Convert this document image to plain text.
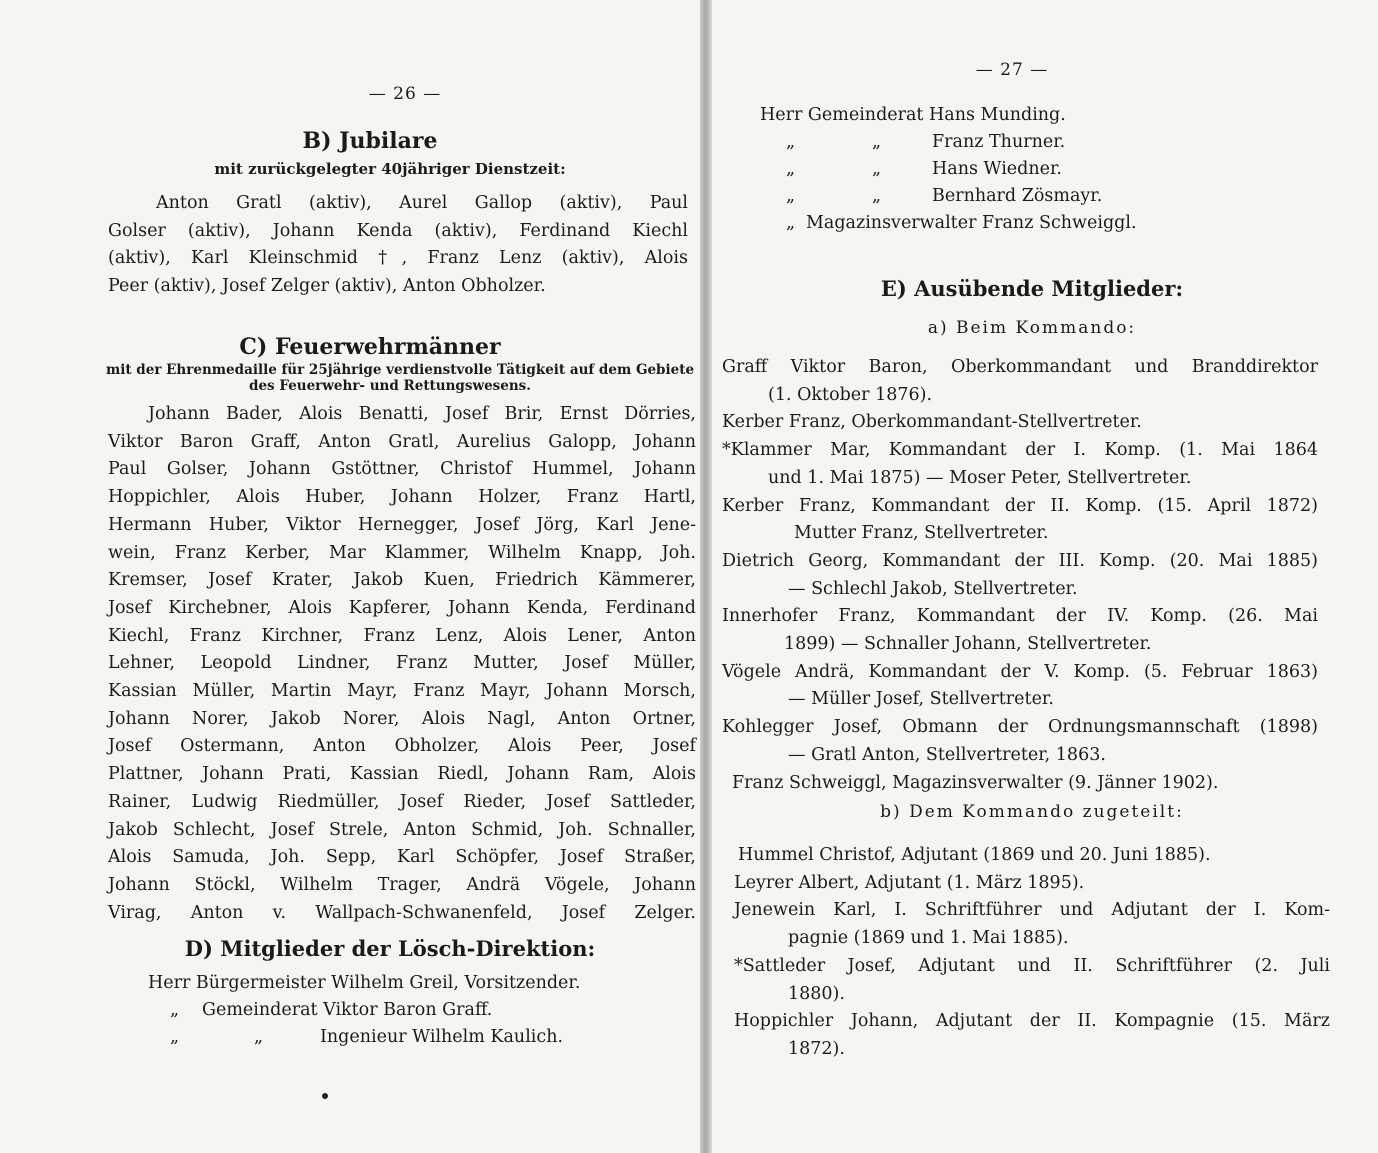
— 26 —
B) Jubilare
mit zurückgelegter 40jähriger Dienstzeit:
Anton Gratl (aktiv), Aurel Gallop (aktiv), Paul
Golser (aktiv), Johann Kenda (aktiv), Ferdinand Kiechl
(aktiv), Karl Kleinschmid †, Franz Lenz (aktiv), Alois
Peer (aktiv), Josef Zelger (aktiv), Anton Obholzer.
C) Feuerwehrmänner
mit der Ehrenmedaille für 25jährige verdienstvolle Tätigkeit auf dem Gebiete
des Feuerwehr- und Rettungswesens.
Johann Bader, Alois Benatti, Josef Brir, Ernst Dörries,
Viktor Baron Graff, Anton Gratl, Aurelius Galopp, Johann
Paul Golser, Johann Gstöttner, Christof Hummel, Johann
Hoppichler, Alois Huber, Johann Holzer, Franz Hartl,
Hermann Huber, Viktor Hernegger, Josef Jörg, Karl Jene-
wein, Franz Kerber, Mar Klammer, Wilhelm Knapp, Joh.
Kremser, Josef Krater, Jakob Kuen, Friedrich Kämmerer,
Josef Kirchebner, Alois Kapferer, Johann Kenda, Ferdinand
Kiechl, Franz Kirchner, Franz Lenz, Alois Lener, Anton
Lehner, Leopold Lindner, Franz Mutter, Josef Müller,
Kassian Müller, Martin Mayr, Franz Mayr, Johann Morsch,
Johann Norer, Jakob Norer, Alois Nagl, Anton Ortner,
Josef Ostermann, Anton Obholzer, Alois Peer, Josef
Plattner, Johann Prati, Kassian Riedl, Johann Ram, Alois
Rainer, Ludwig Riedmüller, Josef Rieder, Josef Sattleder,
Jakob Schlecht, Josef Strele, Anton Schmid, Joh. Schnaller,
Alois Samuda, Joh. Sepp, Karl Schöpfer, Josef Straßer,
Johann Stöckl, Wilhelm Trager, Andrä Vögele, Johann
Virag, Anton v. Wallpach-Schwanenfeld, Josef Zelger.
D) Mitglieder der Lösch-Direktion:
Herr Bürgermeister Wilhelm Greil, Vorsitzender.
„ Gemeinderat Viktor Baron Graff.
„	„	Ingenieur Wilhelm Kaulich.
— 27 —
Herr Gemeinderat Hans Munding.
„	„	Franz Thurner.
„	„	Hans Wiedner.
„	„	Bernhard Zösmayr.
„ Magazinsverwalter Franz Schweiggl.
E) Ausübende Mitglieder:
a) Beim Kommando:
Graff Viktor Baron, Oberkommandant und Branddirektor
(1. Oktober 1876).
Kerber Franz, Oberkommandant-Stellvertreter.
*Klammer Mar, Kommandant der I. Komp. (1. Mai 1864
und 1. Mai 1875) — Moser Peter, Stellvertreter.
Kerber Franz, Kommandant der II. Komp. (15. April 1872)
Mutter Franz, Stellvertreter.
Dietrich Georg, Kommandant der III. Komp. (20. Mai 1885)
— Schlechl Jakob, Stellvertreter.
Innerhofer Franz, Kommandant der IV. Komp. (26. Mai
1899) — Schnaller Johann, Stellvertreter.
Vögele Andrä, Kommandant der V. Komp. (5. Februar 1863)
— Müller Josef, Stellvertreter.
Kohlegger Josef, Obmann der Ordnungsmannschaft (1898)
— Gratl Anton, Stellvertreter, 1863.
Franz Schweiggl, Magazinsverwalter (9. Jänner 1902).
b) Dem Kommando zugeteilt:
Hummel Christof, Adjutant (1869 und 20. Juni 1885).
Leyrer Albert, Adjutant (1. März 1895).
Jenewein Karl, I. Schriftführer und Adjutant der I. Kom-
pagnie (1869 und 1. Mai 1885).
*Sattleder Josef, Adjutant und II. Schriftführer (2. Juli
1880).
Hoppichler Johann, Adjutant der II. Kompagnie (15. März
1872).
